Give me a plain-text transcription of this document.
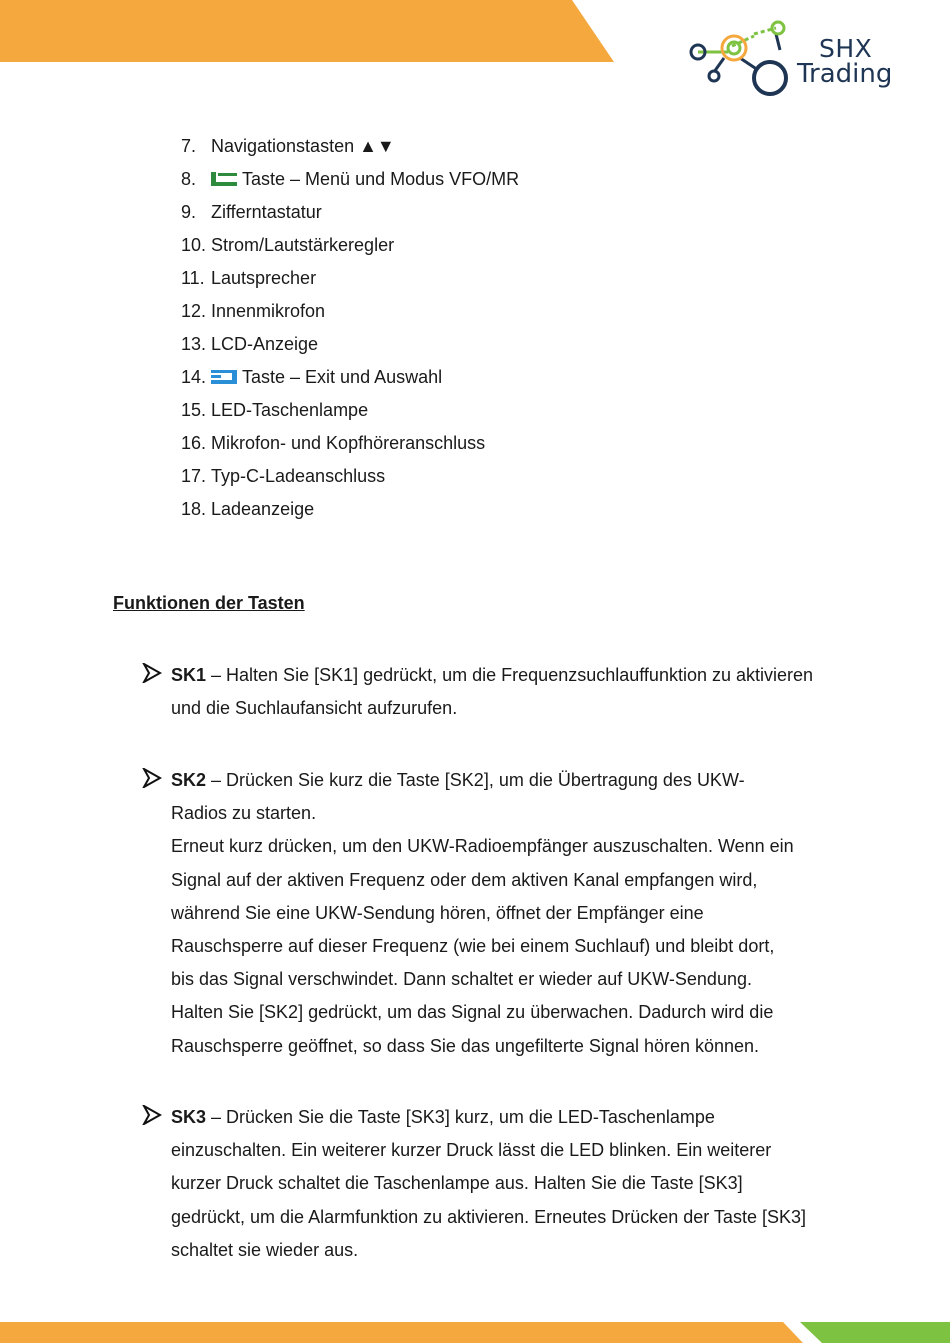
SHX
Trading
7. Navigationstasten ▲▼
8.	Taste – Menü und Modus VFO/MR
9. Zifferntastatur
10. Strom/Lautstärkeregler
11. Lautsprecher
12. Innenmikrofon
13. LCD-Anzeige
14. Taste – Exit und Auswahl
15. LED-Taschenlampe
16. Mikrofon- und Kopfhöreranschluss
17. Typ-C-Ladeanschluss
18. Ladeanzeige
Funktionen der Tasten
SK1 – Halten Sie [SK1] gedrückt, um die Frequenzsuchlauffunktion zu aktivieren und die Suchlaufansicht aufzurufen.
SK2 – Drücken Sie kurz die Taste [SK2], um die Übertragung des UKW-Radios zu starten.
Erneut kurz drücken, um den UKW-Radioempfänger auszuschalten. Wenn ein Signal auf der aktiven Frequenz oder dem aktiven Kanal empfangen wird, während Sie eine UKW-Sendung hören, öffnet der Empfänger eine Rauschsperre auf dieser Frequenz (wie bei einem Suchlauf) und bleibt dort, bis das Signal verschwindet. Dann schaltet er wieder auf UKW-Sendung. Halten Sie [SK2] gedrückt, um das Signal zu überwachen. Dadurch wird die Rauschsperre geöffnet, so dass Sie das ungefilterte Signal hören können.
SK3 – Drücken Sie die Taste [SK3] kurz, um die LED-Taschenlampe einzuschalten. Ein weiterer kurzer Druck lässt die LED blinken. Ein weiterer kurzer Druck schaltet die Taschenlampe aus. Halten Sie die Taste [SK3] gedrückt, um die Alarmfunktion zu aktivieren. Erneutes Drücken der Taste [SK3] schaltet sie wieder aus.
